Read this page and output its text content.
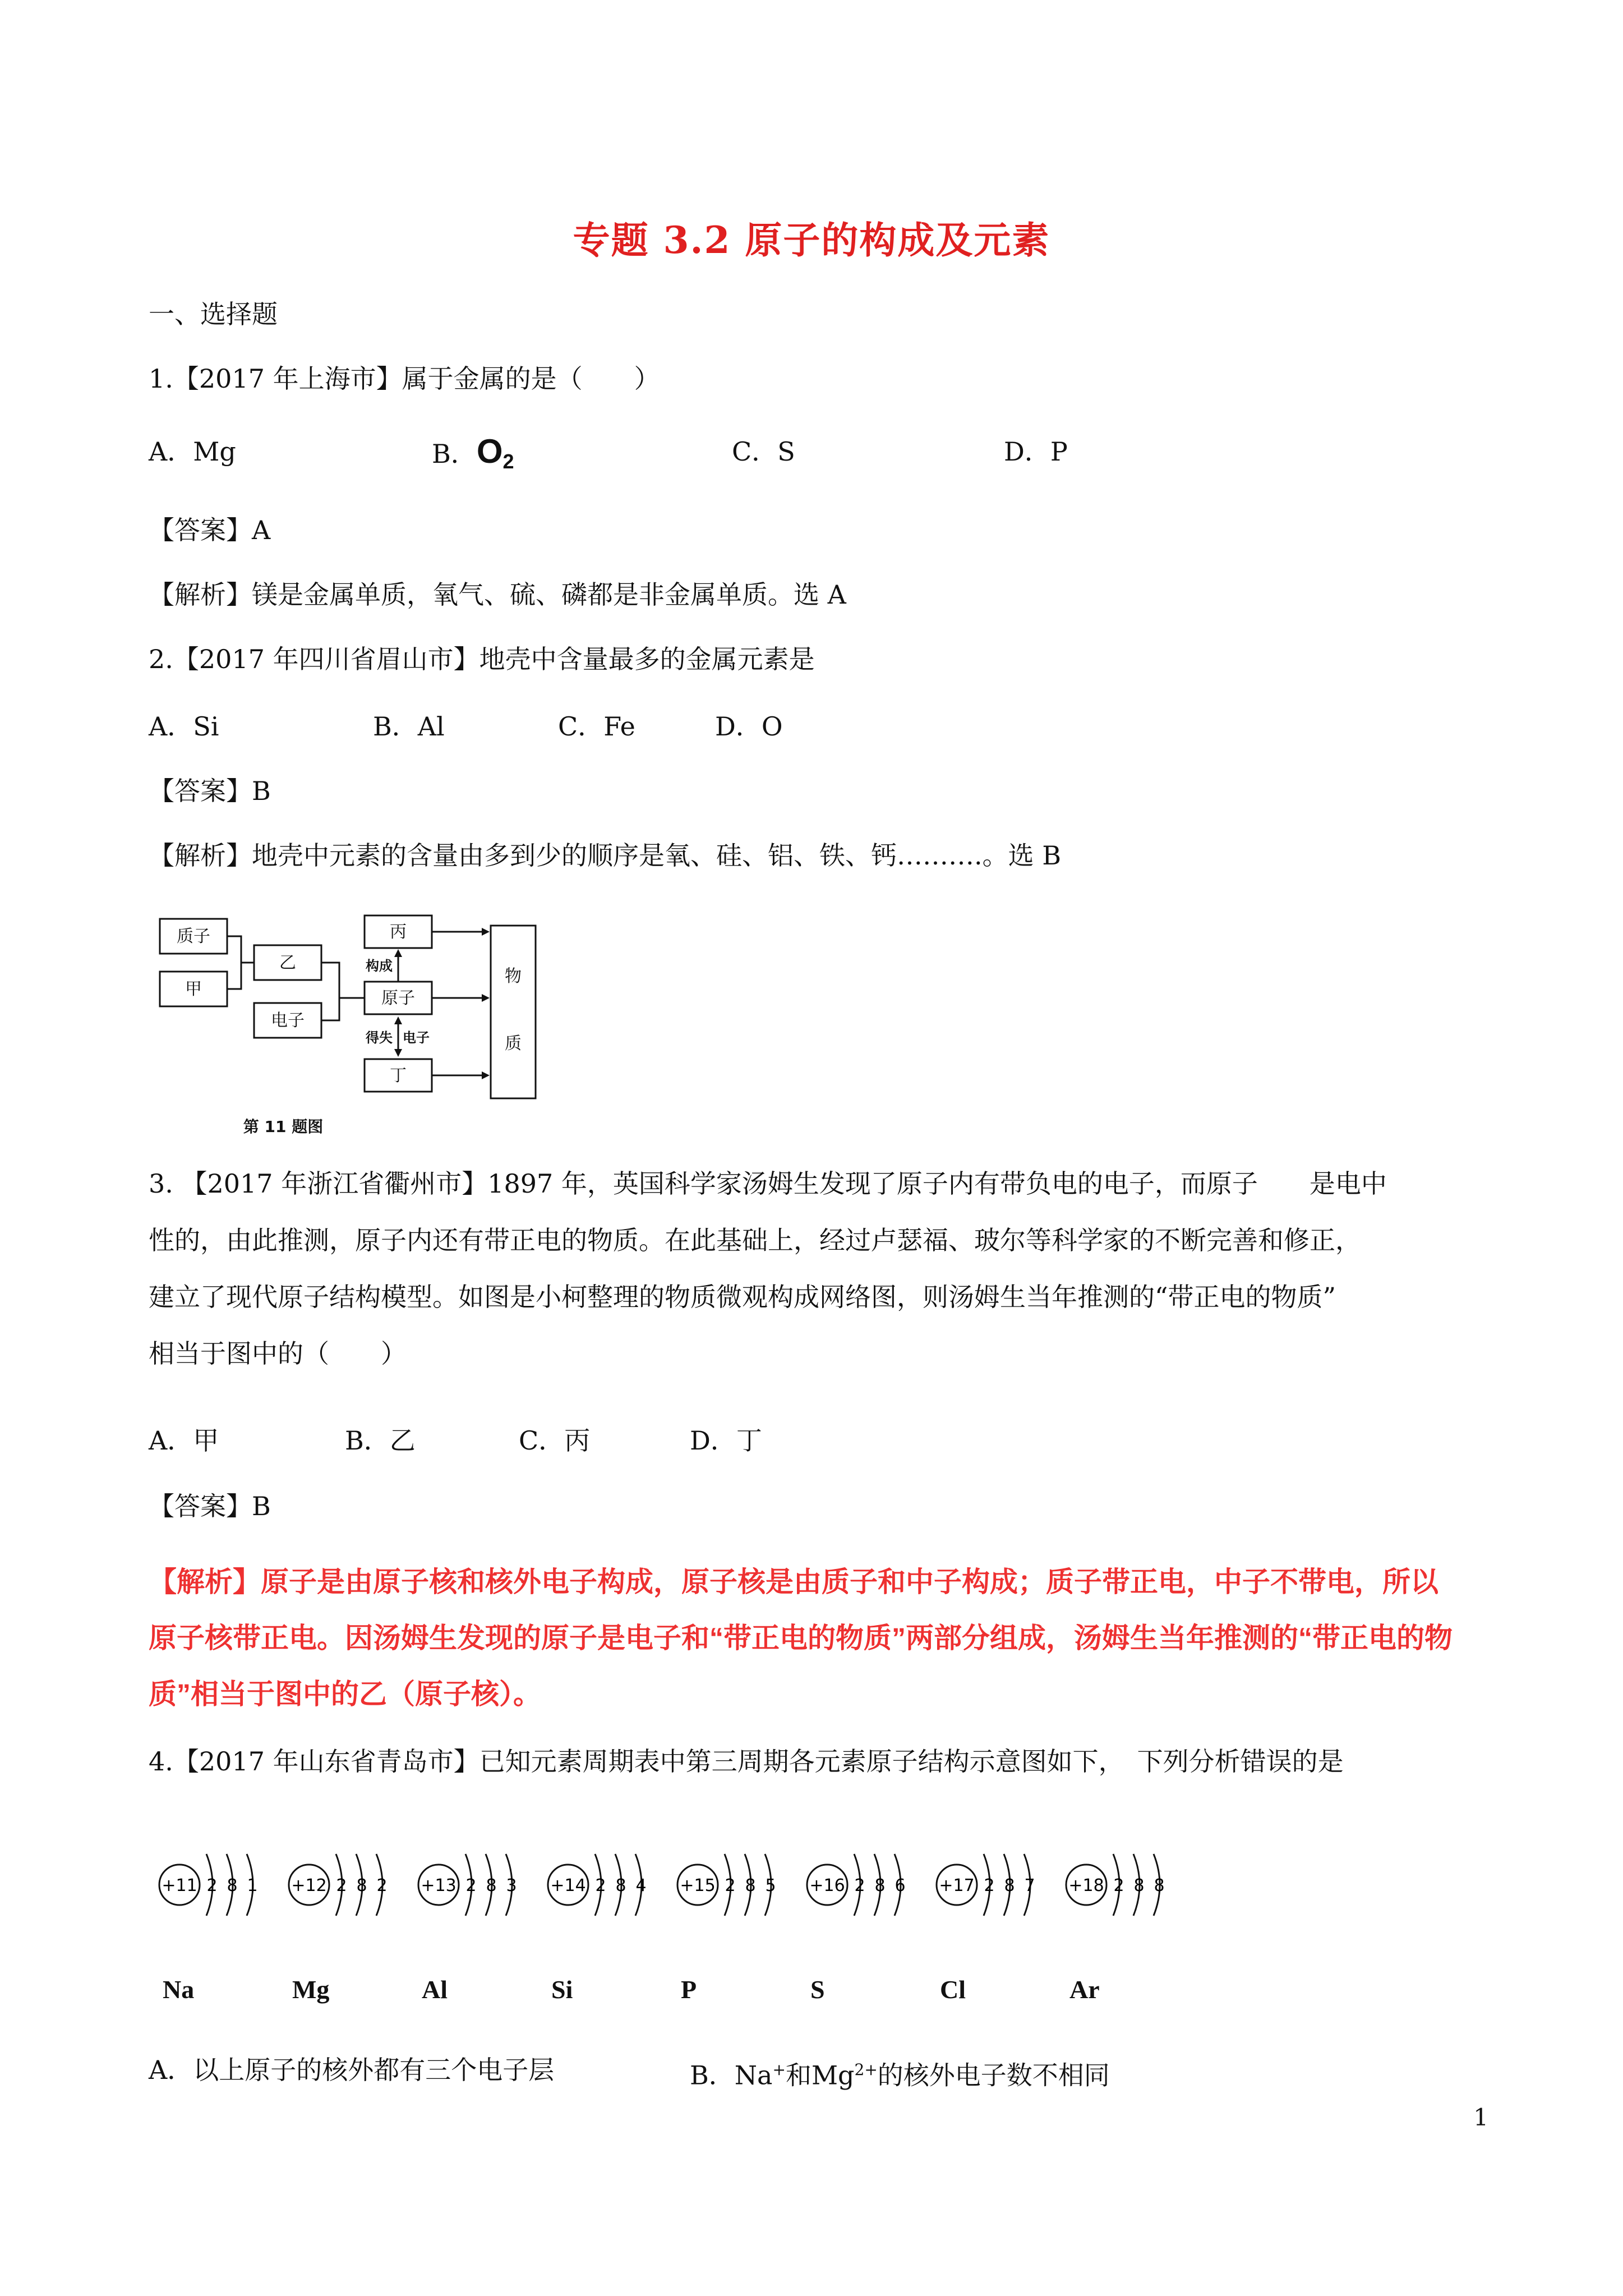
专题 3.2 原子的构成及元素
一、选择题
1.【2017 年上海市】属于金属的是（　　）
A．Mg	B．$O_2$	C．S	D．P
【答案】A
【解析】镁是金属单质，氧气、硫、磷都是非金属单质。选 A
2.【2017 年四川省眉山市】地壳中含量最多的金属元素是
A．Si	B．Al	C．Fe	D．O
【答案】B
【解析】地壳中元素的含量由多到少的顺序是氧、硅、铝、铁、钙……….。选 B
质子
甲
乙
电子
丙
原子
丁
物
质
构成
得失 电子
第 11 题图
3. 【2017 年浙江省衢州市】1897 年，英国科学家汤姆生发现了原子内有带负电的电子，而原子　　是电中
性的，由此推测，原子内还有带正电的物质。在此基础上，经过卢瑟福、玻尔等科学家的不断完善和修正，
建立了现代原子结构模型。如图是小柯整理的物质微观构成网络图，则汤姆生当年推测的“带正电的物质”
相当于图中的（　　）
A．甲	B．乙	C．丙	D．丁
【答案】B
【解析】原子是由原子核和核外电子构成，原子核是由质子和中子构成；质子带正电，中子不带电，所以
原子核带正电。因汤姆生发现的原子是电子和“带正电的物质”两部分组成，汤姆生当年推测的“带正电的物
质”相当于图中的乙（原子核）。
4.【2017 年山东省青岛市】已知元素周期表中第三周期各元素原子结构示意图如下，　下列分析错误的是
+11 2 8 1 +12 2 8 2 +13 2 8 3 +14 2 8 4 +15 2 8 5 +16 2 8 6 +17 2 8 7 +18 2 8 8
Na	Mg	Al	Si	P	S	Cl	Ar
A．以上原子的核外都有三个电子层	B．Na+和$Mg^{2+}$的核外电子数不相同
1
